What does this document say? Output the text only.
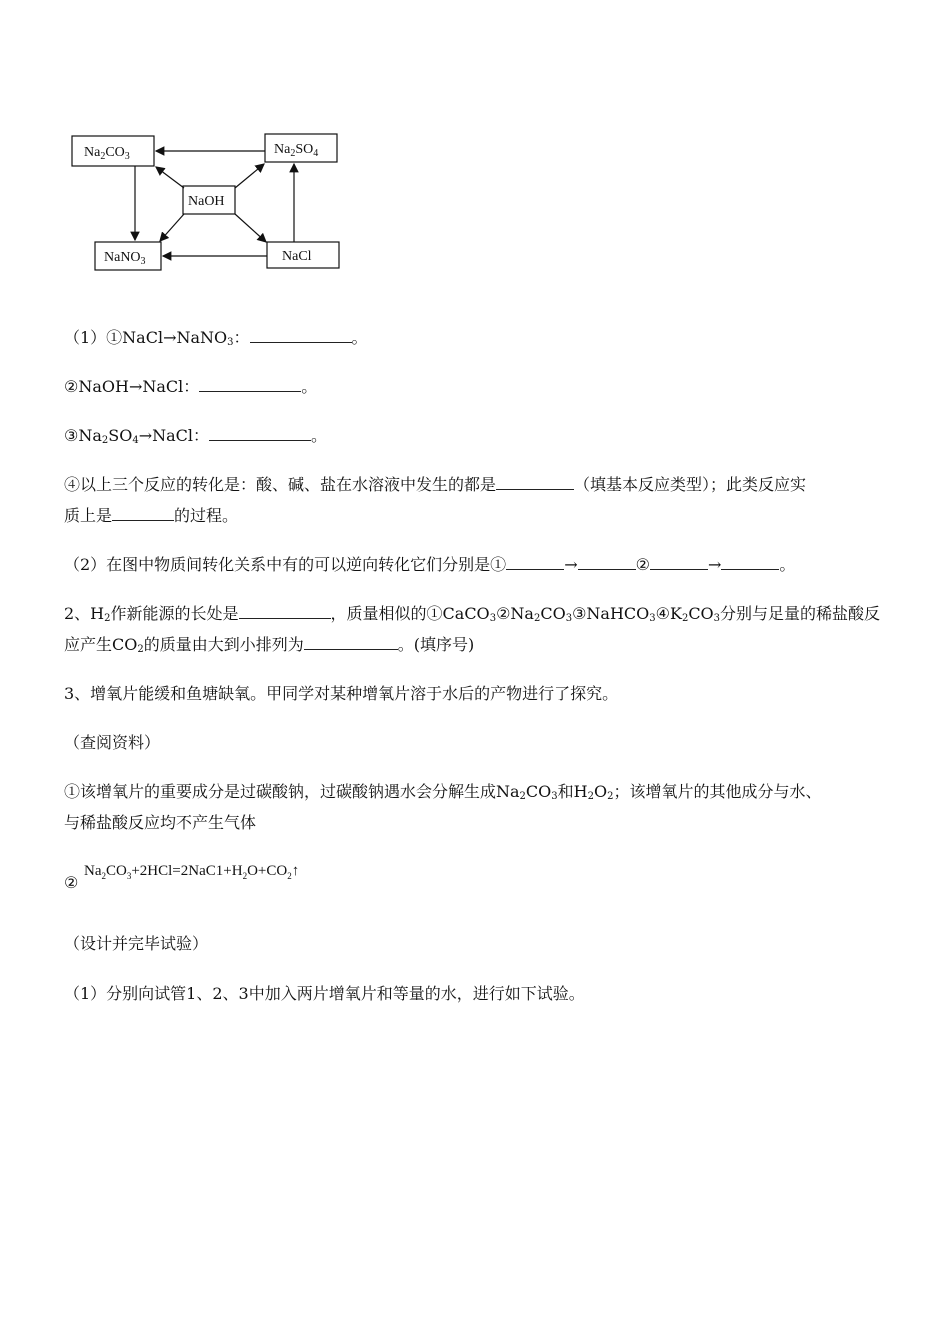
$Na_2CO_3$	$Na_2SO_4$
NaOH
NaNO$_3$	NaCl
（1）①NaCl→NaNO$_3$：	。
②NaOH→NaCl：	。
$③Na_2SO_4\to NaCl$：	。
④以上三个反应的转化是：酸、碱、盐在水溶液中发生的都是	（填基本反应类型）；此类反应实
质上是	的过程。
（2）在图中物质间转化关系中有的可以逆向转化它们分别是①	→	②	→	。
2、$H_2$作新能源的长处是	，质量相似的$①CaCO_3②Na_2CO_3③NaHCO_3④K_2CO_3$分别与足量的稀盐酸反
应产生$CO_2$的质量由大到小排列为	。(填序号)
3、增氧片能缓和鱼塘缺氧。甲同学对某种增氧片溶于水后的产物进行了探究。
（查阅资料）
①该增氧片的重要成分是过碳酸钠，过碳酸钠遇水会分解生成$Na_2CO_3$和$H_2O_2$；该增氧片的其他成分与水、
与稀盐酸反应均不产生气体
②
$Na_2CO_3+2HCl=2NaC1+H_2O+CO_2↑$
（设计并完毕试验）
（1）分别向试管1、2、3中加入两片增氧片和等量的水，进行如下试验。
